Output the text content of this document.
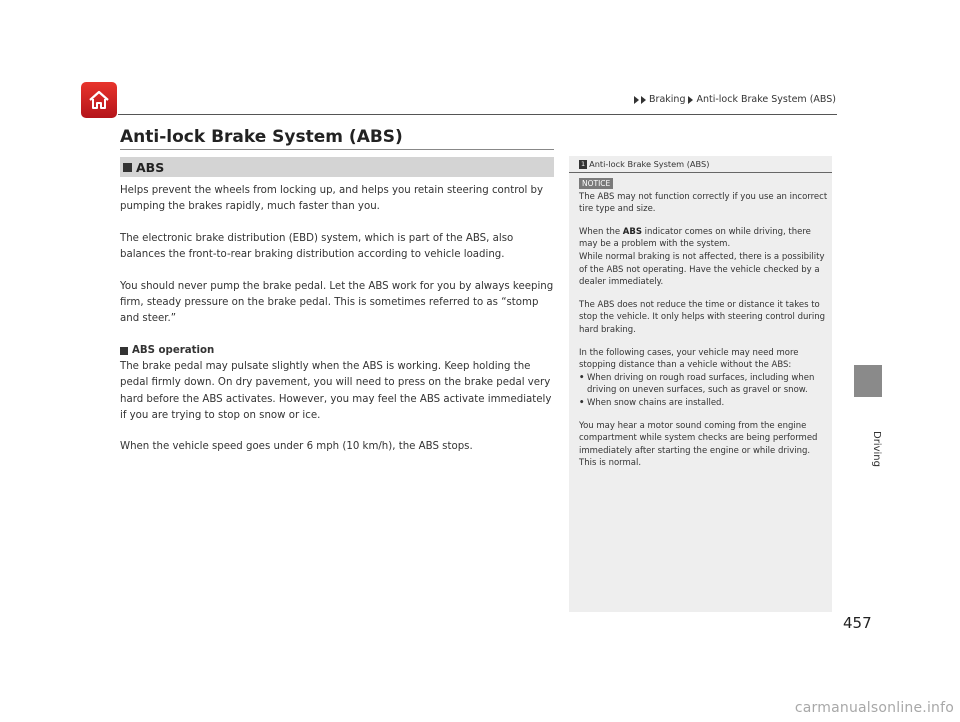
Braking Anti-lock Brake System (ABS)
Driving
Anti-lock Brake System (ABS)
ABS

Helps prevent the wheels from locking up, and helps you retain steering control by pumping the brakes rapidly, much faster than you.

The electronic brake distribution (EBD) system, which is part of the ABS, also balances the front-to-rear braking distribution according to vehicle loading.

You should never pump the brake pedal. Let the ABS work for you by always keeping firm, steady pressure on the brake pedal. This is sometimes referred to as “stomp and steer.”

ABS operation

The brake pedal may pulsate slightly when the ABS is working. Keep holding the pedal firmly down. On dry pavement, you will need to press on the brake pedal very hard before the ABS activates. However, you may feel the ABS activate immediately if you are trying to stop on snow or ice.

When the vehicle speed goes under 6 mph (10 km/h), the ABS stops.

1 Anti-lock Brake System (ABS)
NOTICE

The ABS may not function correctly if you use an incorrect tire type and size.

When the ABS indicator comes on while driving, there may be a problem with the system.

While normal braking is not affected, there is a possibility of the ABS not operating. Have the vehicle checked by a dealer immediately.

The ABS does not reduce the time or distance it takes to stop the vehicle. It only helps with steering control during hard braking.

In the following cases, your vehicle may need more stopping distance than a vehicle without the ABS:

• When driving on rough road surfaces, including when driving on uneven surfaces, such as gravel or snow.
• When snow chains are installed.

You may hear a motor sound coming from the engine compartment while system checks are being performed immediately after starting the engine or while driving. This is normal.

457
carmanualsonline.info
